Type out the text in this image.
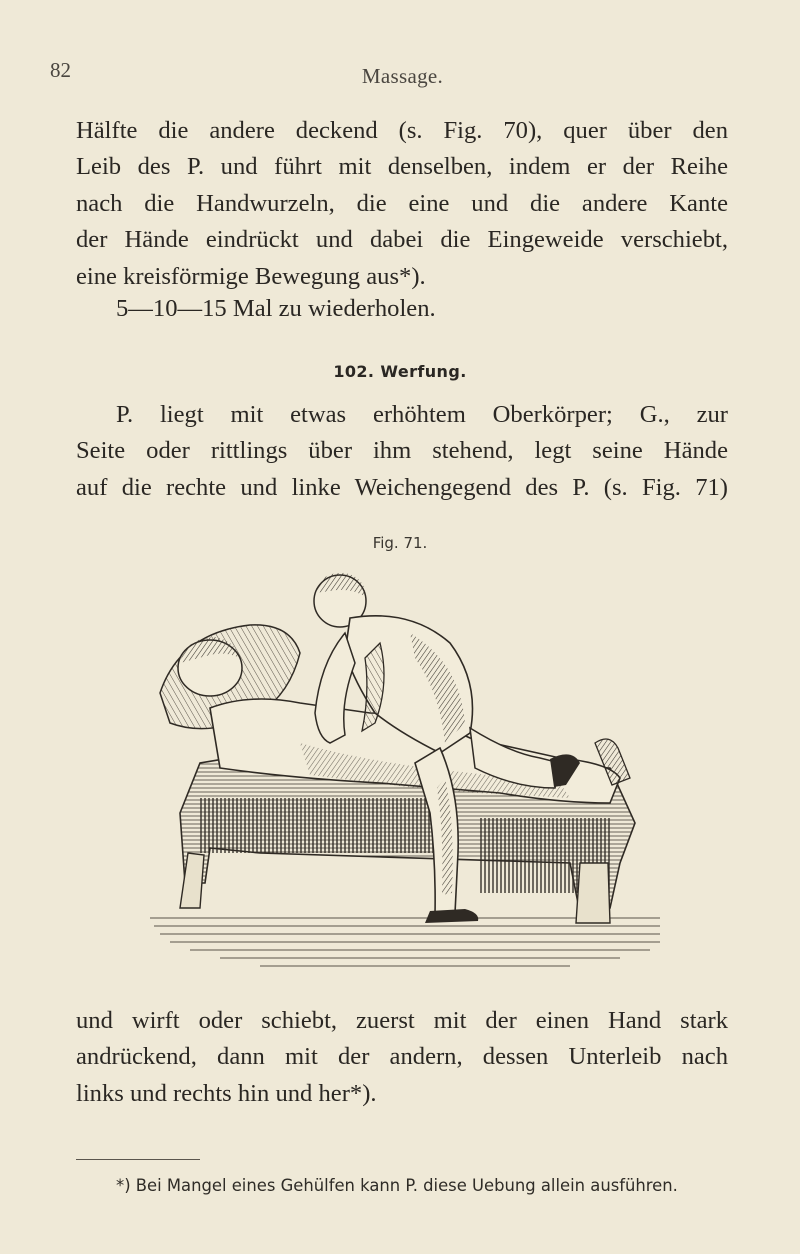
82	Massage.
Hälfte die andere deckend (s. Fig. 70), quer über den
Leib des P. und führt mit denselben, indem er der Reihe
nach die Handwurzeln, die eine und die andere Kante
der Hände eindrückt und dabei die Eingeweide verschiebt,
eine kreisförmige Bewegung aus*).
5—10—15 Mal zu wiederholen.
102. Werfung.
P. liegt mit etwas erhöhtem Oberkörper; G., zur
Seite oder rittlings über ihm stehend, legt seine Hände
auf die rechte und linke Weichengegend des P. (s. Fig. 71)
Fig. 71.
und wirft oder schiebt, zuerst mit der einen Hand stark
andrückend, dann mit der andern, dessen Unterleib nach
links und rechts hin und her*).
*) Bei Mangel eines Gehülfen kann P. diese Uebung allein ausführen.
